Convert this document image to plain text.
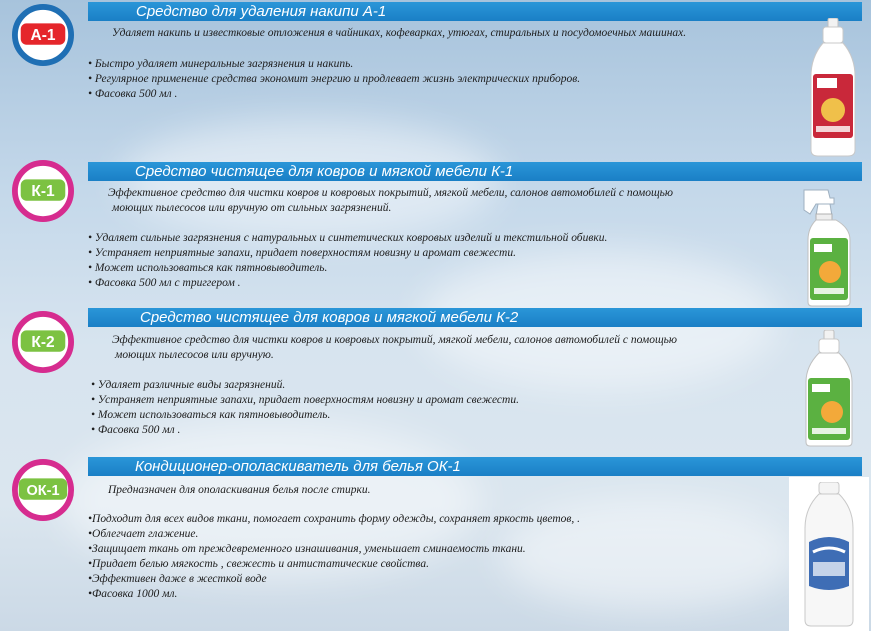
Средство для удаления накипи А-1
А-1	Удаляет накипь и известковые отложения в чайниках, кофеварках, утюгах, стиральных и посудомоечных машинах.
• Быстро удаляет минеральные загрязнения и накипь.
• Регулярное применение средства экономит энергию и продлевает жизнь электрических приборов.
• Фасовка 500 мл .
Средство чистящее для ковров и мягкой мебели К-1
К-1	Эффективное средство для чистки ковров и ковровых покрытий, мягкой мебели, салонов автомобилей с помощью
моющих пылесосов или вручную от сильных загрязнений.
• Удаляет сильные загрязнения с натуральных и синтетических ковровых изделий и текстильной обивки.
• Устраняет неприятные запахи, придает поверхностям новизну и аромат свежести.
• Может использоваться как пятновыводитель.
• Фасовка 500 мл с триггером .
Средство чистящее для ковров и мягкой мебели К-2
К-2	Эффективное средство для чистки ковров и ковровых покрытий, мягкой мебели, салонов автомобилей с помощью
моющих пылесосов или вручную.
• Удаляет различные виды загрязнений.
• Устраняет неприятные запахи, придает поверхностям новизну и аромат свежести.
• Может использоваться как пятновыводитель.
• Фасовка 500 мл .
Кондиционер-ополаскиватель для белья ОК-1
ОК-1	Предназначен для ополаскивания белья после стирки.
•Подходит для всех видов ткани, помогает сохранить форму одежды, сохраняет яркость цветов, .
•Облегчает глажение.
•Защищает ткань от преждевременного изнашивания, уменьшает сминаемость ткани.
•Придает белью мягкость , свежесть и антистатические свойства.
•Эффективен даже в жесткой воде
•Фасовка 1000 мл.
